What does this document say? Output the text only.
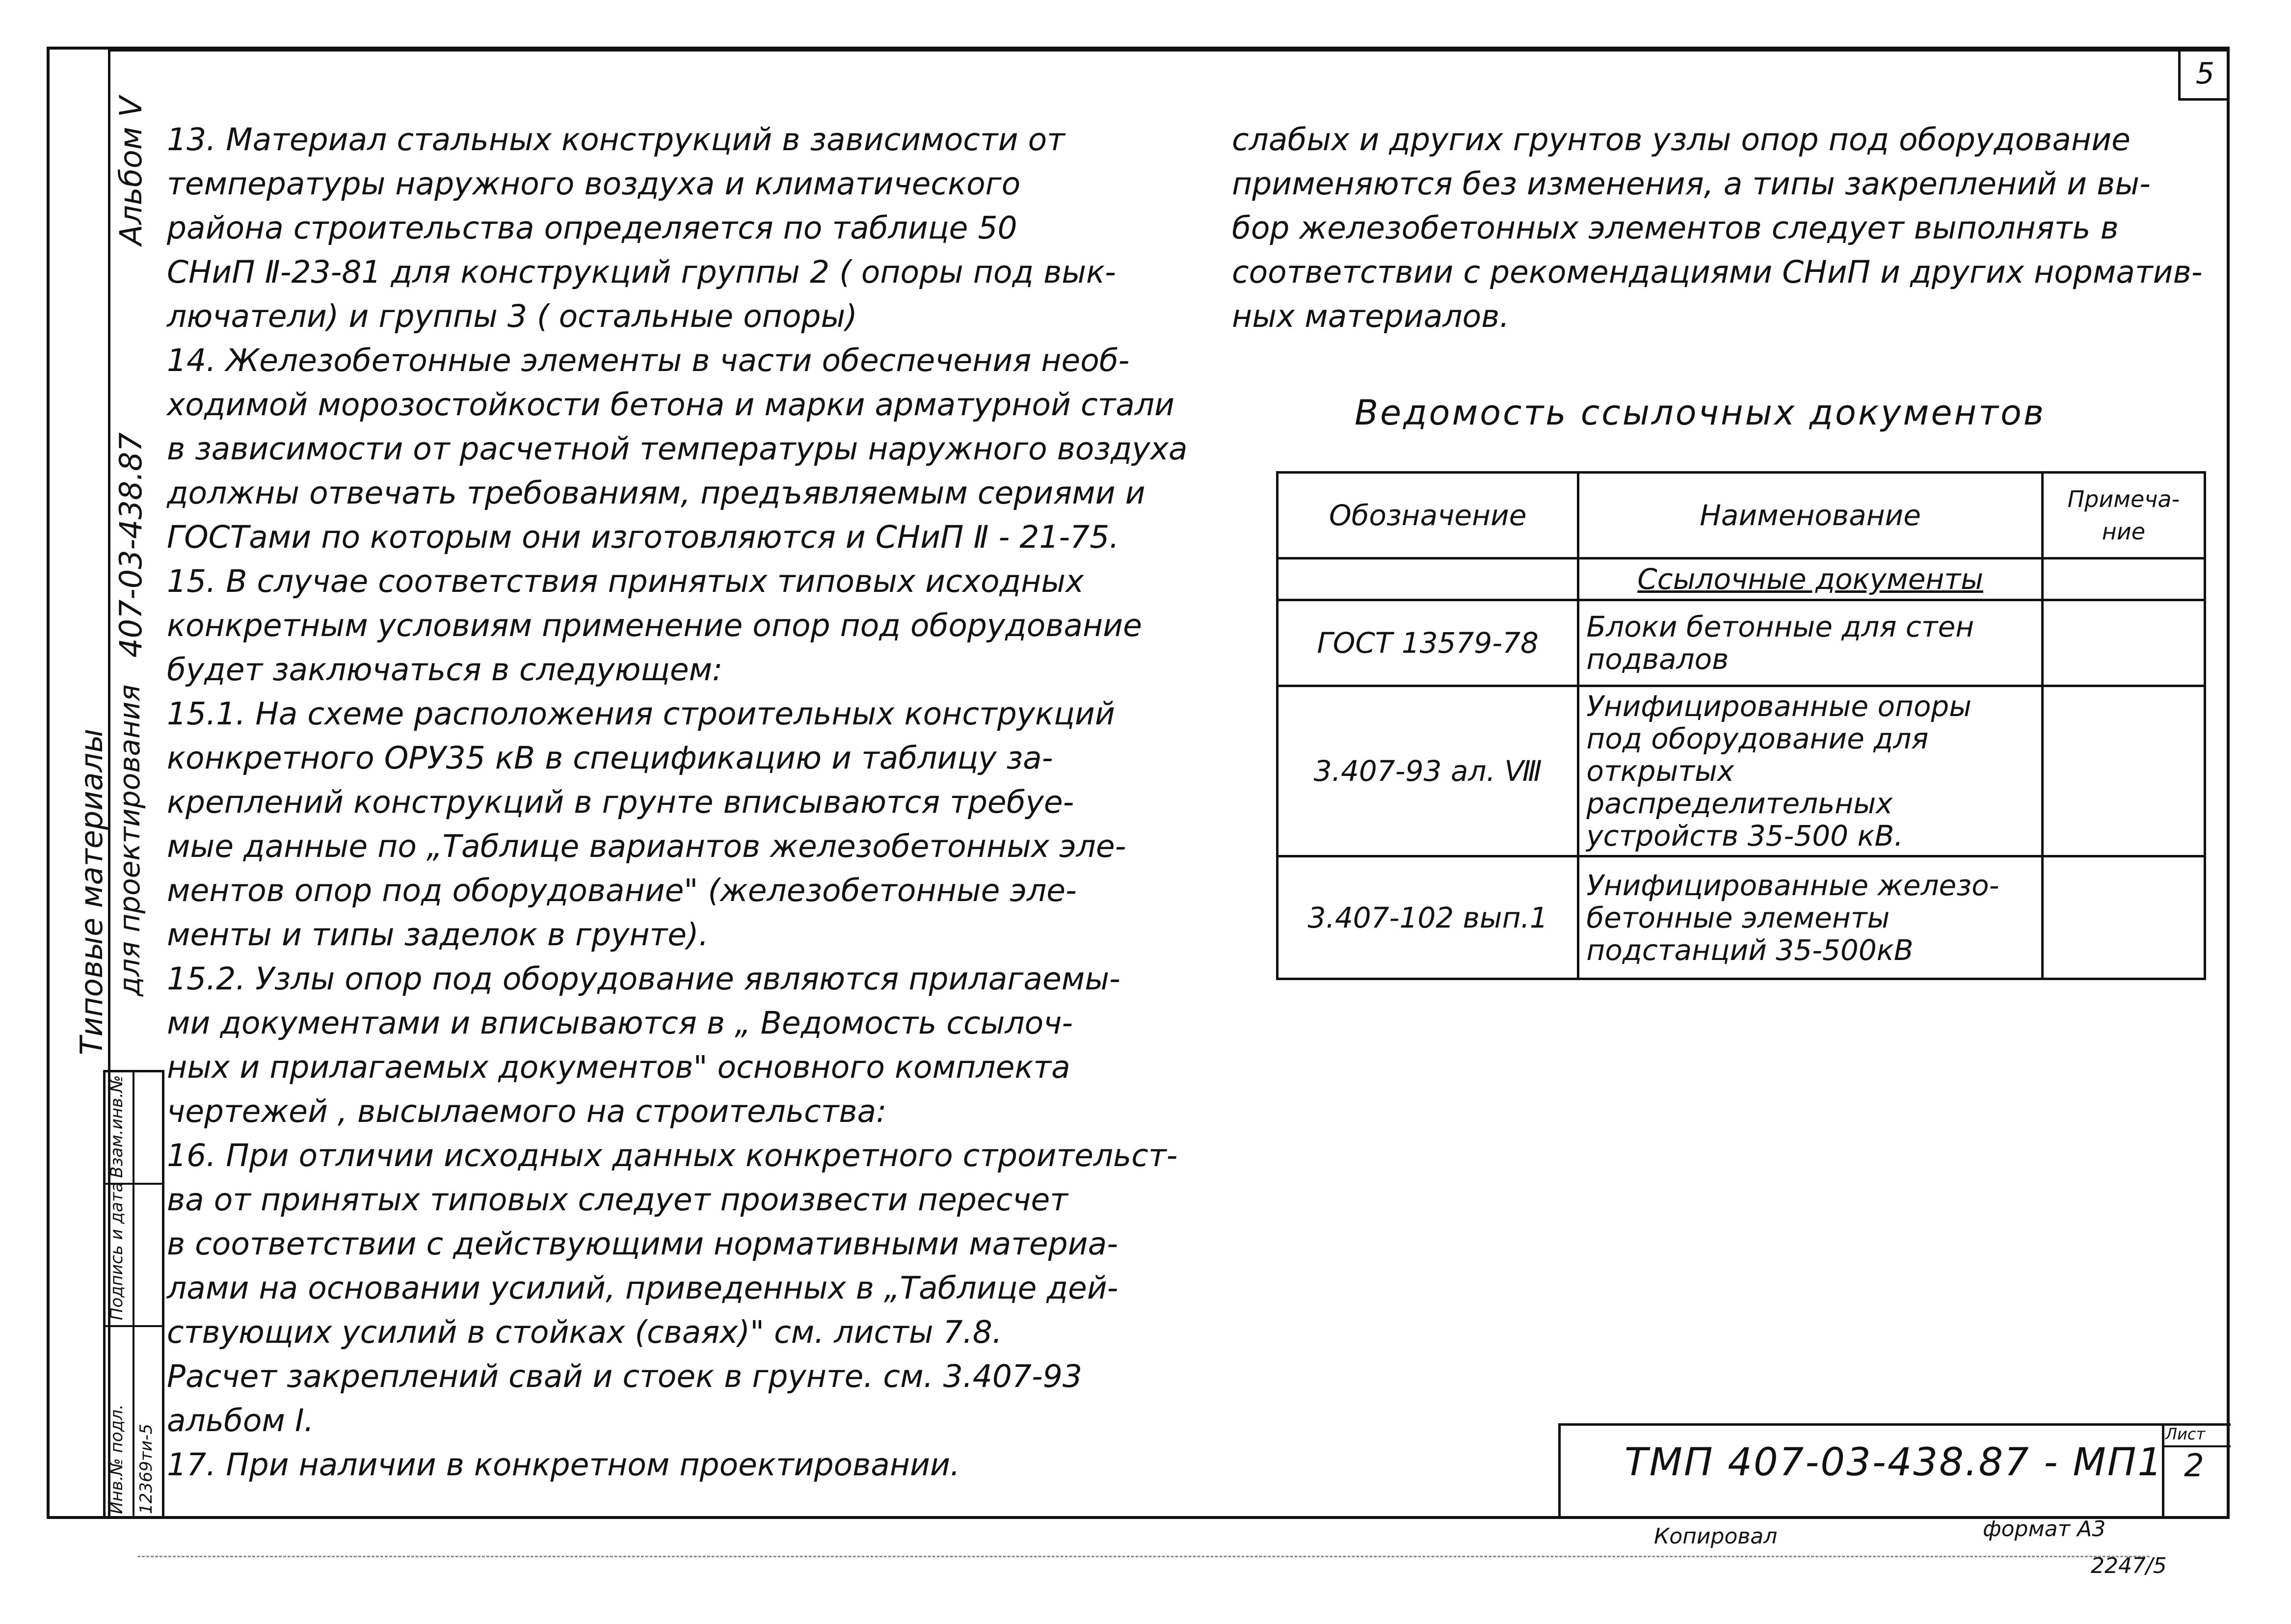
5
Альбом Ⅴ
407-03-438.87
Типовые материалы для проектирования
Взам.инв.№
Подпись и дата
Инв.№ подл. 12369ти-5

13. Материал стальных конструкций в зависимости от

температуры наружного воздуха и климатического

района строительства определяется по таблице 50

СНиП Ⅱ-23-81 для конструкций группы 2 ( опоры под вык-

лючатели) и группы 3 ( остальные опоры)

14. Железобетонные элементы в части обеспечения необ-

ходимой морозостойкости бетона и марки арматурной стали

в зависимости от расчетной температуры наружного воздуха

должны отвечать требованиям, предъявляемым сериями и

ГОСТами по которым они изготовляются и СНиП Ⅱ - 21-75.

15. В случае соответствия принятых типовых исходных

конкретным условиям применение опор под оборудование

будет заключаться в следующем:

15.1. На схеме расположения строительных конструкций

конкретного ОРУ35 кВ в спецификацию и таблицу за-

креплений конструкций в грунте вписываются требуе-

мые данные по „Таблице вариантов железобетонных эле-

ментов опор под оборудование" (железобетонные эле-

менты и типы заделок в грунте).

15.2. Узлы опор под оборудование являются прилагаемы-

ми документами и вписываются в „ Ведомость ссылоч-

ных и прилагаемых документов" основного комплекта

чертежей , высылаемого на строительства:

16. При отличии исходных данных конкретного строительст-

ва от принятых типовых следует произвести пересчет

в соответствии с действующими нормативными материа-

лами на основании усилий, приведенных в „Таблице дей-

ствующих усилий в стойках (сваях)" см. листы 7.8.

Расчет закреплений свай и стоек в грунте. см. 3.407-93

альбом Ⅰ.

17. При наличии в конкретном проектировании.

слабых и других грунтов узлы опор под оборудование

применяются без изменения, а типы закреплений и вы-

бор железобетонных элементов следует выполнять в

соответствии с рекомендациями СНиП и других норматив-

ных материалов.

Ведомость ссылочных документов
Обозначение	Наименование	Примеча-ние
	Ссылочные документы	
ГОСТ 13579-78	Блоки бетонные для стен подвалов	
3.407-93 ал. Ⅷ	Унифицированные опоры под оборудование для открытых распределительных устройств 35-500 кВ.	
3.407-102 вып.1	Унифицированные железо-бетонные элементы подстанций 35-500кВ	
ТМП 407-03-438.87 - МП1
Лист
2
Копировал	формат А3
2247/5
